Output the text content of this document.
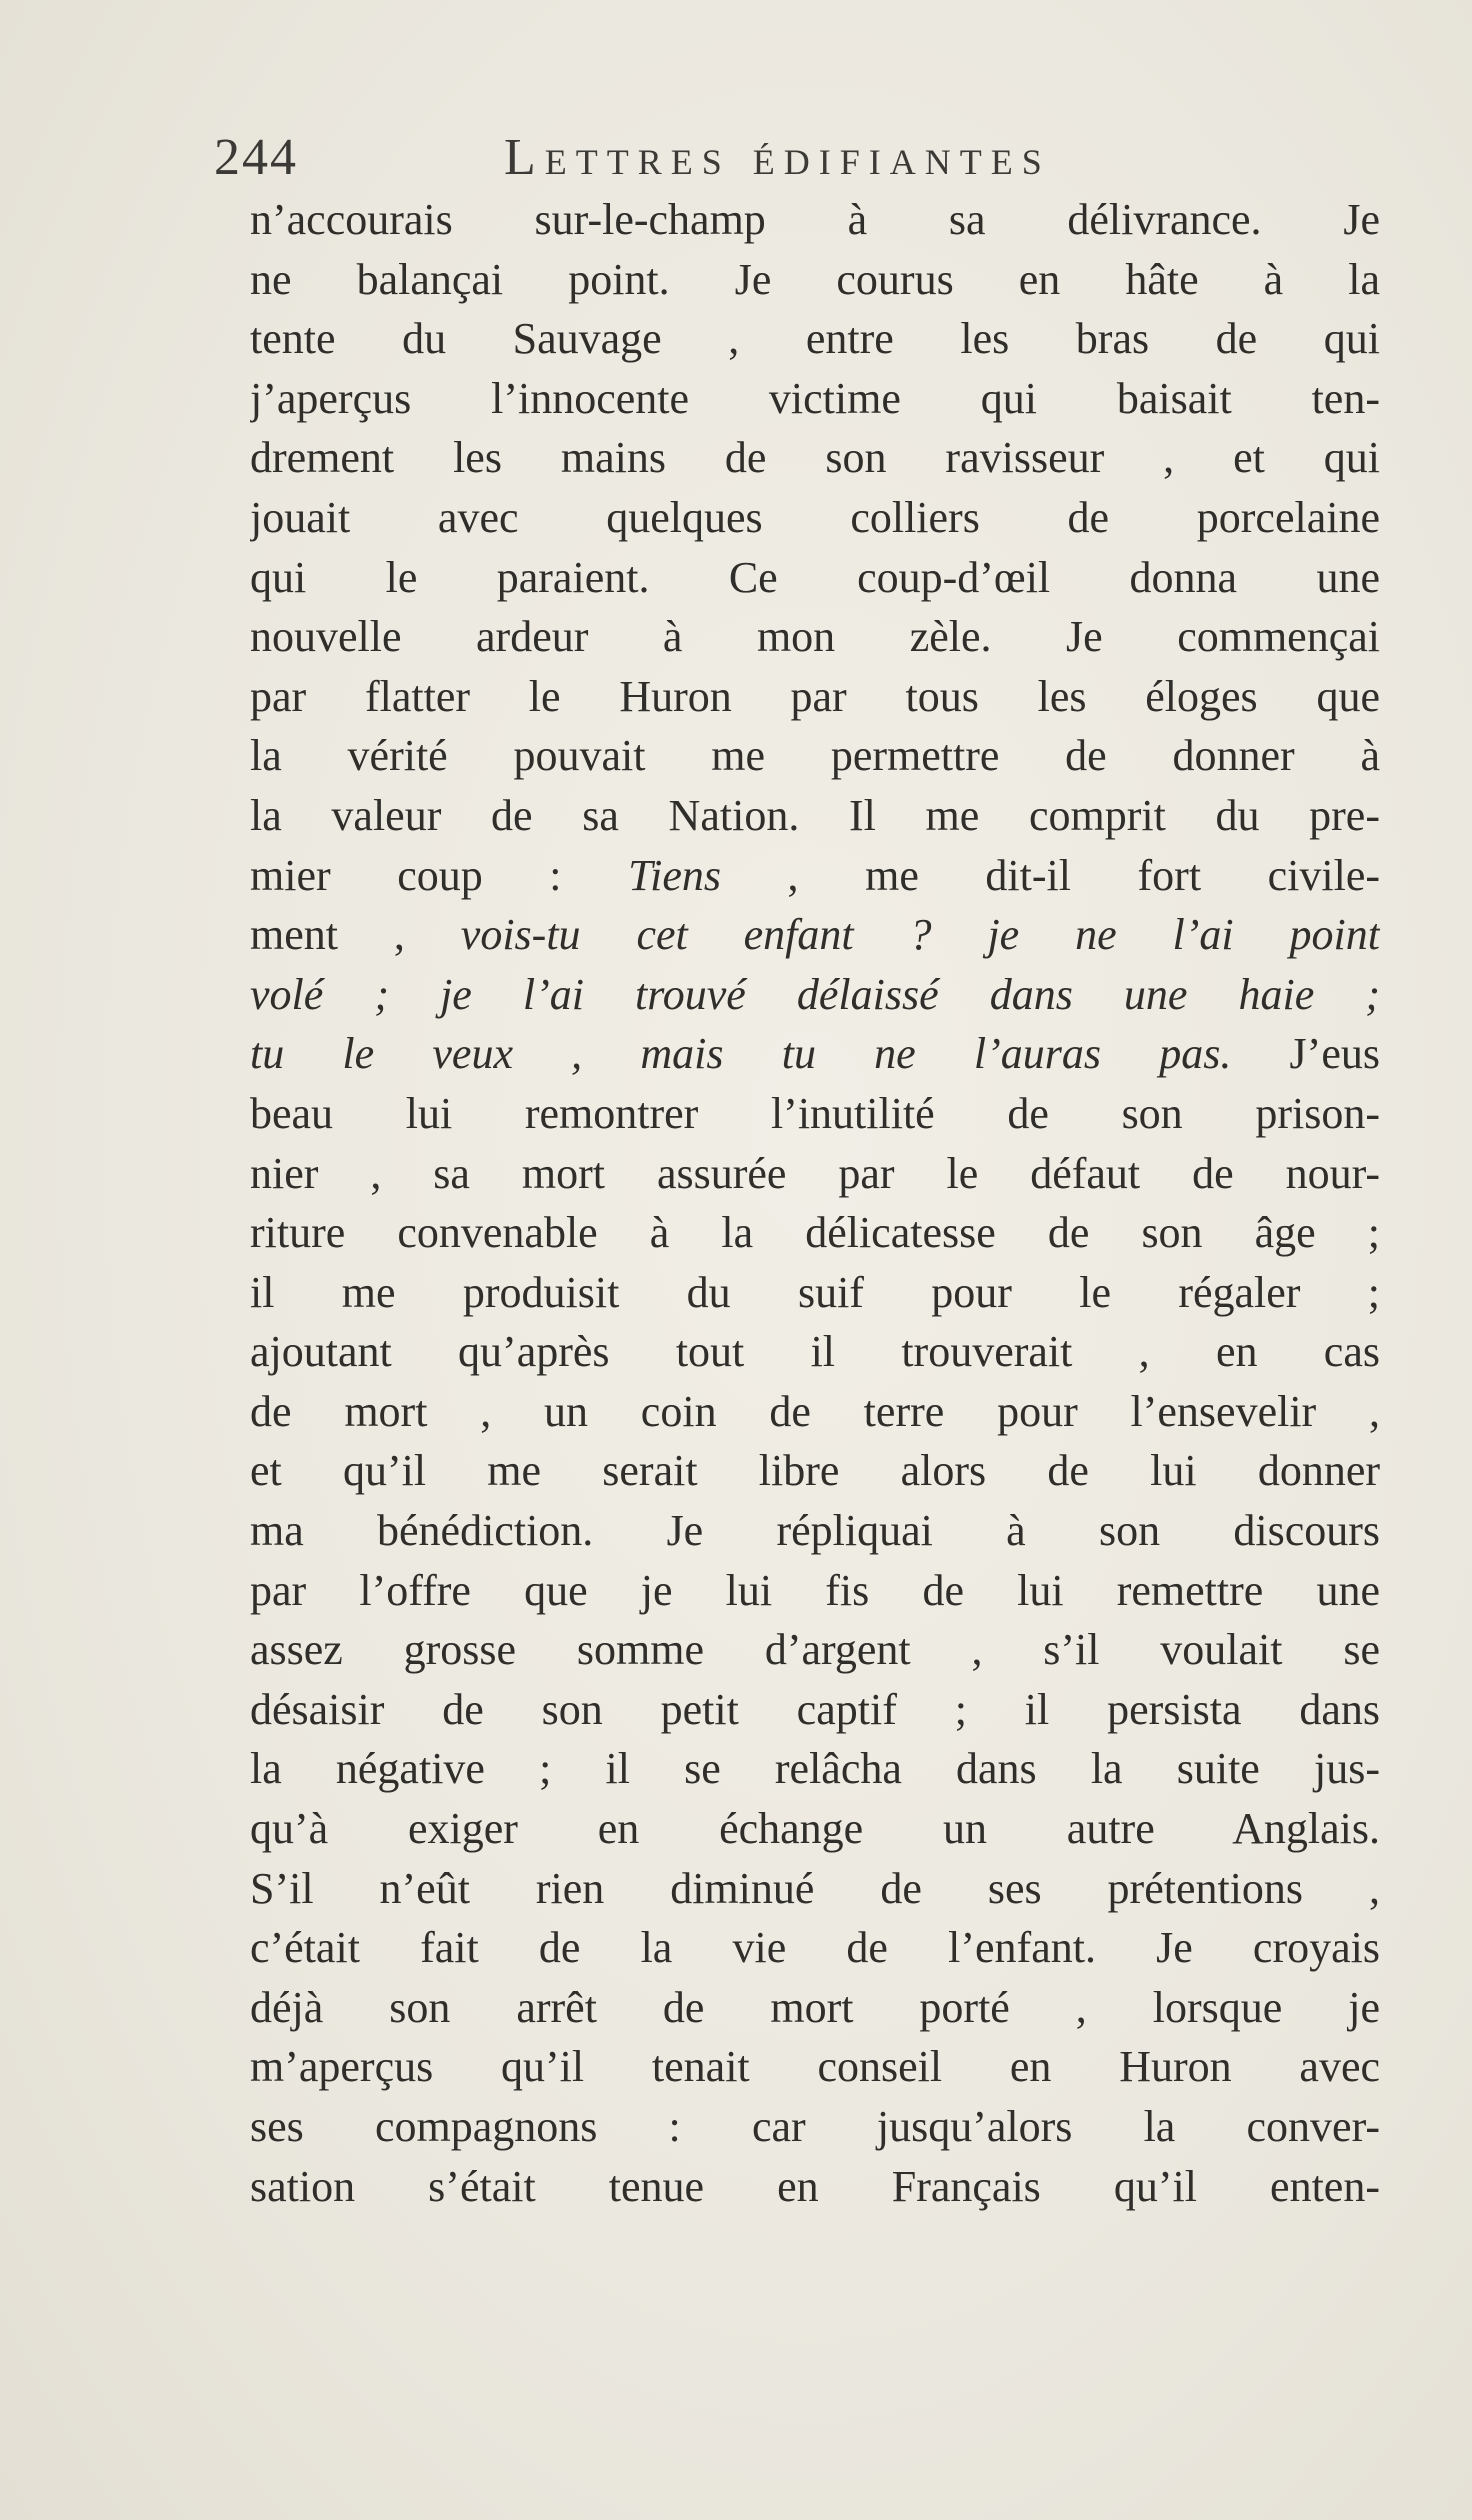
244	Lettres édifiantes
n’accourais sur-le-champ à sa délivrance. Je
ne balançai point. Je courus en hâte à la
tente du Sauvage , entre les bras de qui
j’aperçus l’innocente victime qui baisait ten-
drement les mains de son ravisseur , et qui
jouait avec quelques colliers de porcelaine
qui le paraient. Ce coup-d’œil donna une
nouvelle ardeur à mon zèle. Je commençai
par flatter le Huron par tous les éloges que
la vérité pouvait me permettre de donner à
la valeur de sa Nation. Il me comprit du pre-
mier coup : Tiens , me dit-il fort civile-
ment , vois-tu cet enfant ? je ne l’ai point
volé ; je l’ai trouvé délaissé dans une haie ;
tu le veux , mais tu ne l’auras pas. J’eus
beau lui remontrer l’inutilité de son prison-
nier , sa mort assurée par le défaut de nour-
riture convenable à la délicatesse de son âge ;
il me produisit du suif pour le régaler ;
ajoutant qu’après tout il trouverait , en cas
de mort , un coin de terre pour l’ensevelir ,
et qu’il me serait libre alors de lui donner
ma bénédiction. Je répliquai à son discours
par l’offre que je lui fis de lui remettre une
assez grosse somme d’argent , s’il voulait se
désaisir de son petit captif ; il persista dans
la négative ; il se relâcha dans la suite jus-
qu’à exiger en échange un autre Anglais.
S’il n’eût rien diminué de ses prétentions ,
c’était fait de la vie de l’enfant. Je croyais
déjà son arrêt de mort porté , lorsque je
m’aperçus qu’il tenait conseil en Huron avec
ses compagnons : car jusqu’alors la conver-
sation s’était tenue en Français qu’il enten-
